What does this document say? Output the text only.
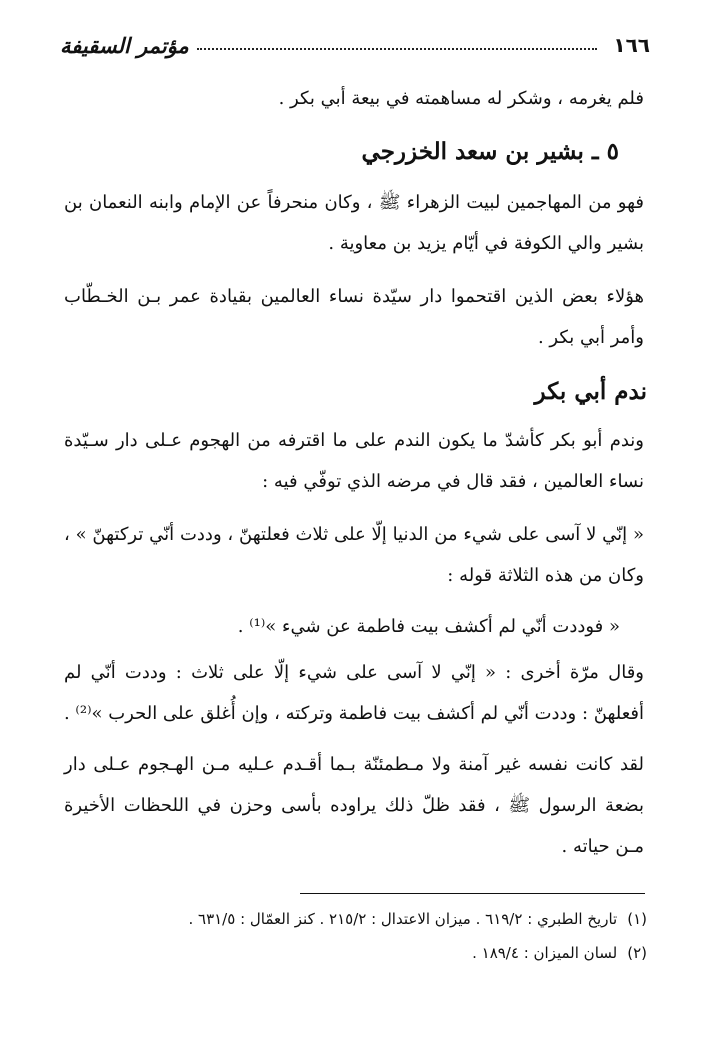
١٦٦
مؤتمر السقيفة
فلم يغرمه ، وشكر له مساهمته في بيعة أبي بكر .
٥ ـ بشير بن سعد الخزرجي
فهو من المهاجمين لبيت الزهراء ﷺ ، وكان منحرفاً عن الإمام وابنه النعمان بن بشير والي الكوفة في أيّام يزيد بن معاوية .
هؤلاء بعض الذين اقتحموا دار سيّدة نساء العالمين بقيادة عمر بـن الخـطّاب وأمر أبي بكر .
ندم أبي بكر
وندم أبو بكر كأشدّ ما يكون الندم على ما اقترفه من الهجوم عـلى دار سـيّدة نساء العالمين ، فقد قال في مرضه الذي توفّي فيه :
« إنّي لا آسى على شيء من الدنيا إلّا على ثلاث فعلتهنّ ، وددت أنّي تركتهنّ » ، وكان من هذه الثلاثة قوله :
« فوددت أنّي لم أكشف بيت فاطمة عن شيء »⁽¹⁾ .
وقال مرّة أخرى : « إنّي لا آسى على شيء إلّا على ثلاث : وددت أنّي لم أفعلهنّ : وددت أنّي لم أكشف بيت فاطمة وتركته ، وإن أُغلق على الحرب »⁽²⁾ .
لقد كانت نفسه غير آمنة ولا مـطمئنّة بـما أقـدم عـليه مـن الهـجوم عـلى دار بضعة الرسول ﷺ ، فقد ظلّ ذلك يراوده بأسى وحزن في اللحظات الأخيرة مـن حياته .
(١)تاريخ الطبري : ٦١٩/٢ . ميزان الاعتدال : ٢١٥/٢ . كنز العمّال : ٦٣١/٥ .
(٢)لسان الميزان : ١٨٩/٤ .
